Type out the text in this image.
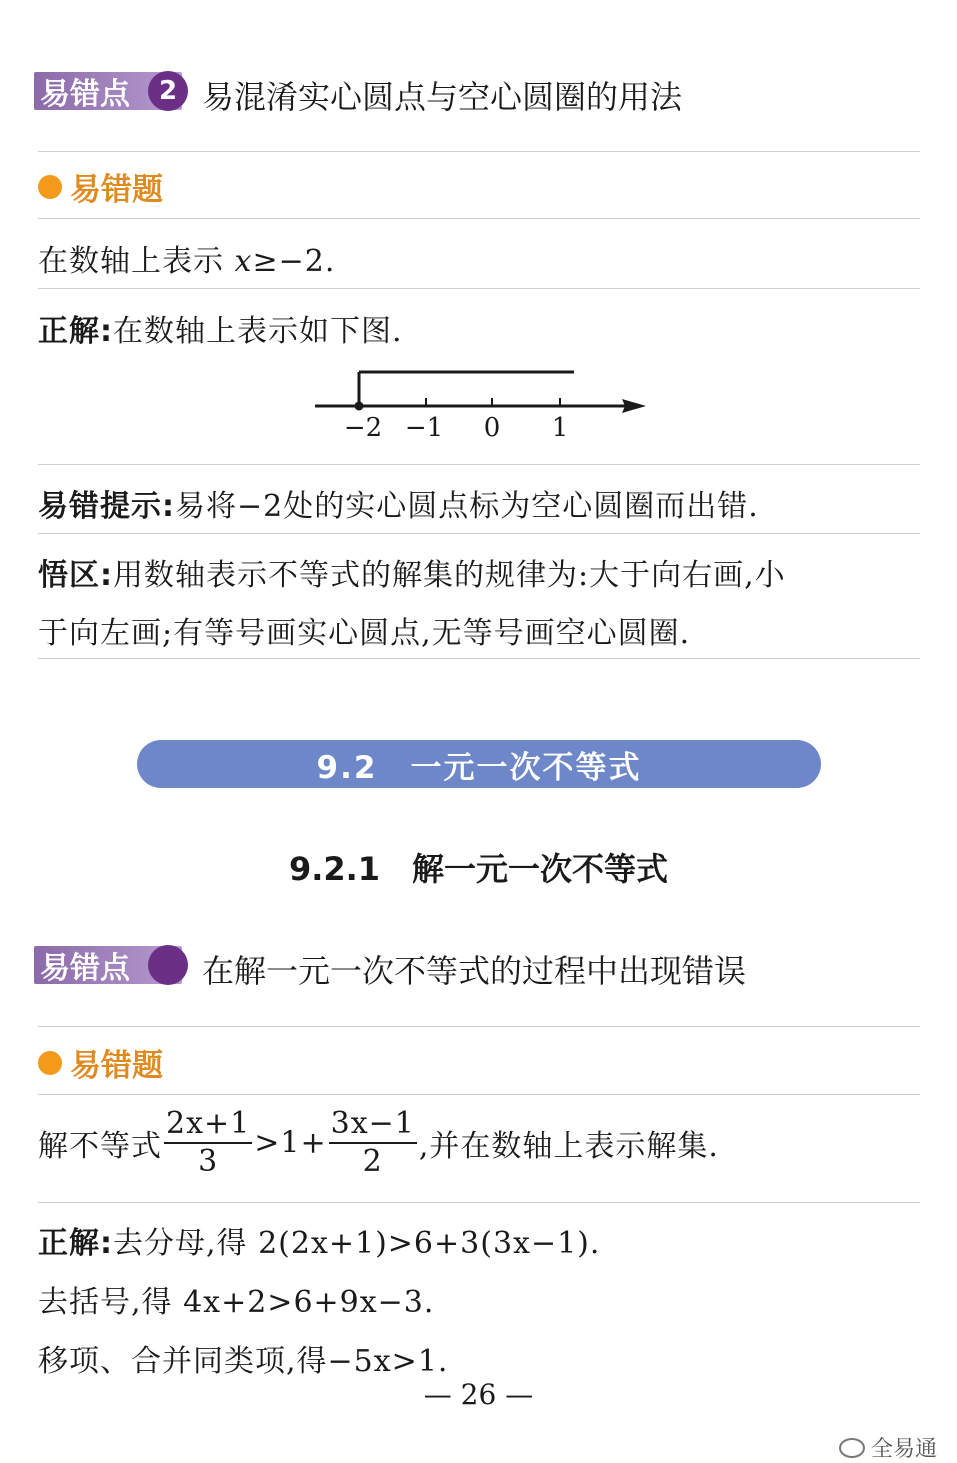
易错点	2 易混淆实心圆点与空心圆圈的用法
易错题
在数轴上表示 x≥−2.
正解:在数轴上表示如下图.
−2 −1 0 1
易错提示:易将−2处的实心圆点标为空心圆圈而出错.
悟区:用数轴表示不等式的解集的规律为:大于向右画,小
于向左画;有等号画实心圆点,无等号画空心圆圈.
9.2　一元一次不等式
9.2.1　解一元一次不等式
易错点 在解一元一次不等式的过程中出现错误
易错题
解不等式 $\frac{2x+1}{3} >1+ \frac{3x-1}{2}$ ,并在数轴上表示解集.
正解:去分母,得 2(2x+1)>6+3(3x−1).
去括号,得 4x+2>6+9x−3.
移项、合并同类项,得−5x>1.
— 26 —
全易通
